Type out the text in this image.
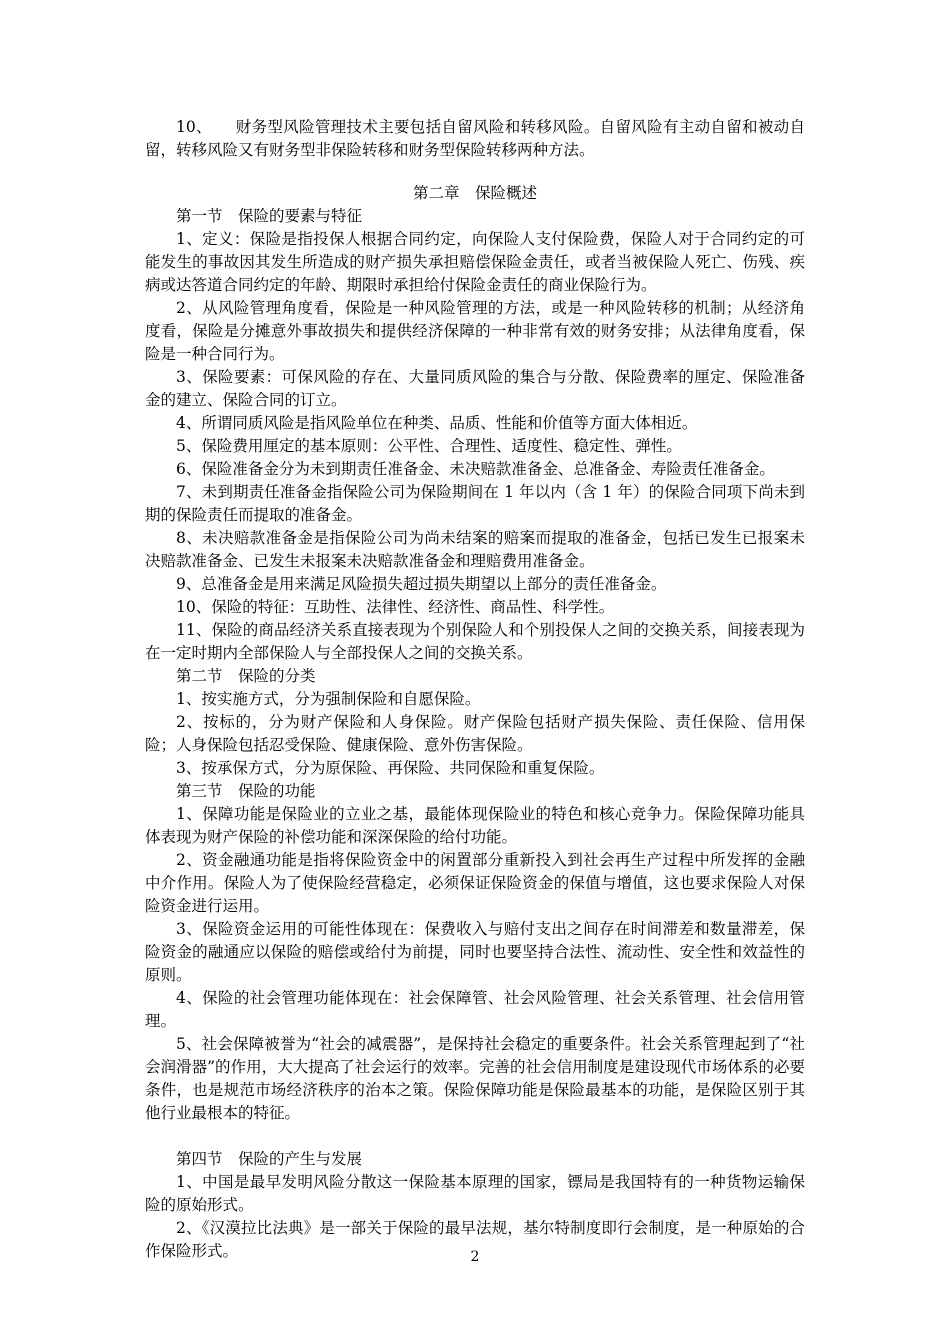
10、　　财务型风险管理技术主要包括自留风险和转移风险。自留风险有主动自留和被动自留，转移风险又有财务型非保险转移和财务型保险转移两种方法。

第二章　保险概述

第一节　保险的要素与特征

1、定义：保险是指投保人根据合同约定，向保险人支付保险费，保险人对于合同约定的可能发生的事故因其发生所造成的财产损失承担赔偿保险金责任，或者当被保险人死亡、伤残、疾病或达答道合同约定的年龄、期限时承担给付保险金责任的商业保险行为。

2、从风险管理角度看，保险是一种风险管理的方法，或是一种风险转移的机制；从经济角度看，保险是分摊意外事故损失和提供经济保障的一种非常有效的财务安排；从法律角度看，保险是一种合同行为。

3、保险要素：可保风险的存在、大量同质风险的集合与分散、保险费率的厘定、保险准备金的建立、保险合同的订立。

4、所谓同质风险是指风险单位在种类、品质、性能和价值等方面大体相近。

5、保险费用厘定的基本原则：公平性、合理性、适度性、稳定性、弹性。

6、保险准备金分为未到期责任准备金、未决赔款准备金、总准备金、寿险责任准备金。

7、未到期责任准备金指保险公司为保险期间在 1 年以内（含 1 年）的保险合同项下尚未到期的保险责任而提取的准备金。

8、未决赔款准备金是指保险公司为尚未结案的赔案而提取的准备金，包括已发生已报案未决赔款准备金、已发生未报案未决赔款准备金和理赔费用准备金。

9、总准备金是用来满足风险损失超过损失期望以上部分的责任准备金。

10、保险的特征：互助性、法律性、经济性、商品性、科学性。

11、保险的商品经济关系直接表现为个别保险人和个别投保人之间的交换关系，间接表现为在一定时期内全部保险人与全部投保人之间的交换关系。

第二节　保险的分类

1、按实施方式，分为强制保险和自愿保险。

2、按标的，分为财产保险和人身保险。财产保险包括财产损失保险、责任保险、信用保险；人身保险包括忍受保险、健康保险、意外伤害保险。

3、按承保方式，分为原保险、再保险、共同保险和重复保险。

第三节　保险的功能

1、保障功能是保险业的立业之基，最能体现保险业的特色和核心竞争力。保险保障功能具体表现为财产保险的补偿功能和深深保险的给付功能。

2、资金融通功能是指将保险资金中的闲置部分重新投入到社会再生产过程中所发挥的金融中介作用。保险人为了使保险经营稳定，必须保证保险资金的保值与增值，这也要求保险人对保险资金进行运用。

3、保险资金运用的可能性体现在：保费收入与赔付支出之间存在时间滞差和数量滞差，保险资金的融通应以保险的赔偿或给付为前提，同时也要坚持合法性、流动性、安全性和效益性的原则。

4、保险的社会管理功能体现在：社会保障管、社会风险管理、社会关系管理、社会信用管理。

5、社会保障被誉为“社会的减震器”，是保持社会稳定的重要条件。社会关系管理起到了“社会润滑器”的作用，大大提高了社会运行的效率。完善的社会信用制度是建设现代市场体系的必要条件，也是规范市场经济秩序的治本之策。保险保障功能是保险最基本的功能，是保险区别于其他行业最根本的特征。

第四节　保险的产生与发展

1、中国是最早发明风险分散这一保险基本原理的国家，镖局是我国特有的一种货物运输保险的原始形式。

2、《汉漠拉比法典》是一部关于保险的最早法规，基尔特制度即行会制度，是一种原始的合作保险形式。	2
